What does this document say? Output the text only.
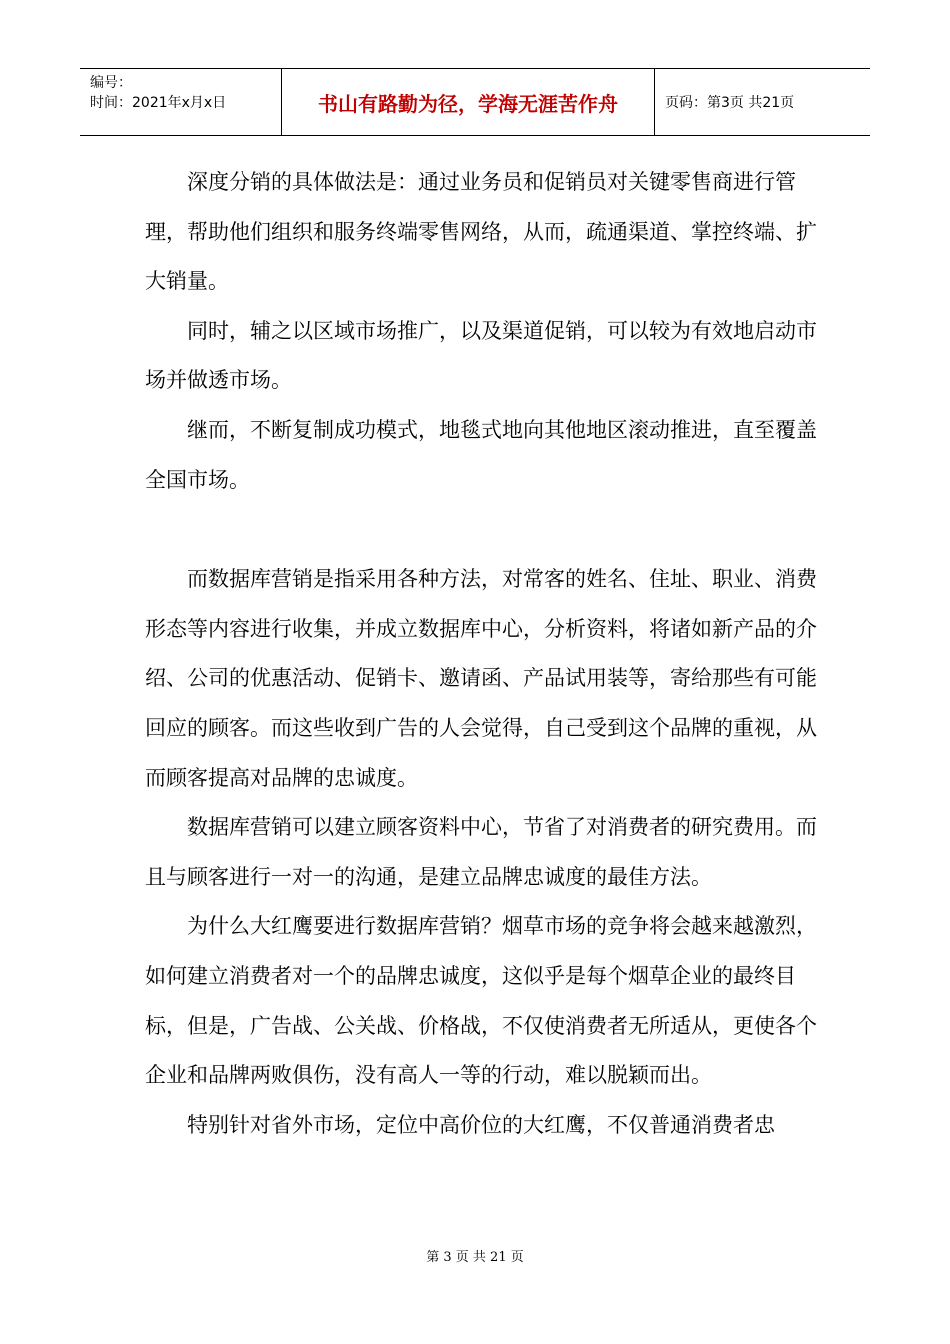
编号：
时间：2021年x月x日	书山有路勤为径，学海无涯苦作舟	页码：第3页 共21页

深度分销的具体做法是：通过业务员和促销员对关键零售商进行管理，帮助他们组织和服务终端零售网络，从而，疏通渠道、掌控终端、扩大销量。

同时，辅之以区域市场推广，以及渠道促销，可以较为有效地启动市场并做透市场。

继而，不断复制成功模式，地毯式地向其他地区滚动推进，直至覆盖全国市场。

而数据库营销是指采用各种方法，对常客的姓名、住址、职业、消费形态等内容进行收集，并成立数据库中心，分析资料，将诸如新产品的介绍、公司的优惠活动、促销卡、邀请函、产品试用装等，寄给那些有可能回应的顾客。而这些收到广告的人会觉得，自己受到这个品牌的重视，从而顾客提高对品牌的忠诚度。

数据库营销可以建立顾客资料中心，节省了对消费者的研究费用。而且与顾客进行一对一的沟通，是建立品牌忠诚度的最佳方法。

为什么大红鹰要进行数据库营销？烟草市场的竞争将会越来越激烈，如何建立消费者对一个的品牌忠诚度，这似乎是每个烟草企业的最终目标，但是，广告战、公关战、价格战，不仅使消费者无所适从，更使各个企业和品牌两败俱伤，没有高人一等的行动，难以脱颖而出。

特别针对省外市场，定位中高价位的大红鹰，不仅普通消费者忠

第 3 页 共 21 页
